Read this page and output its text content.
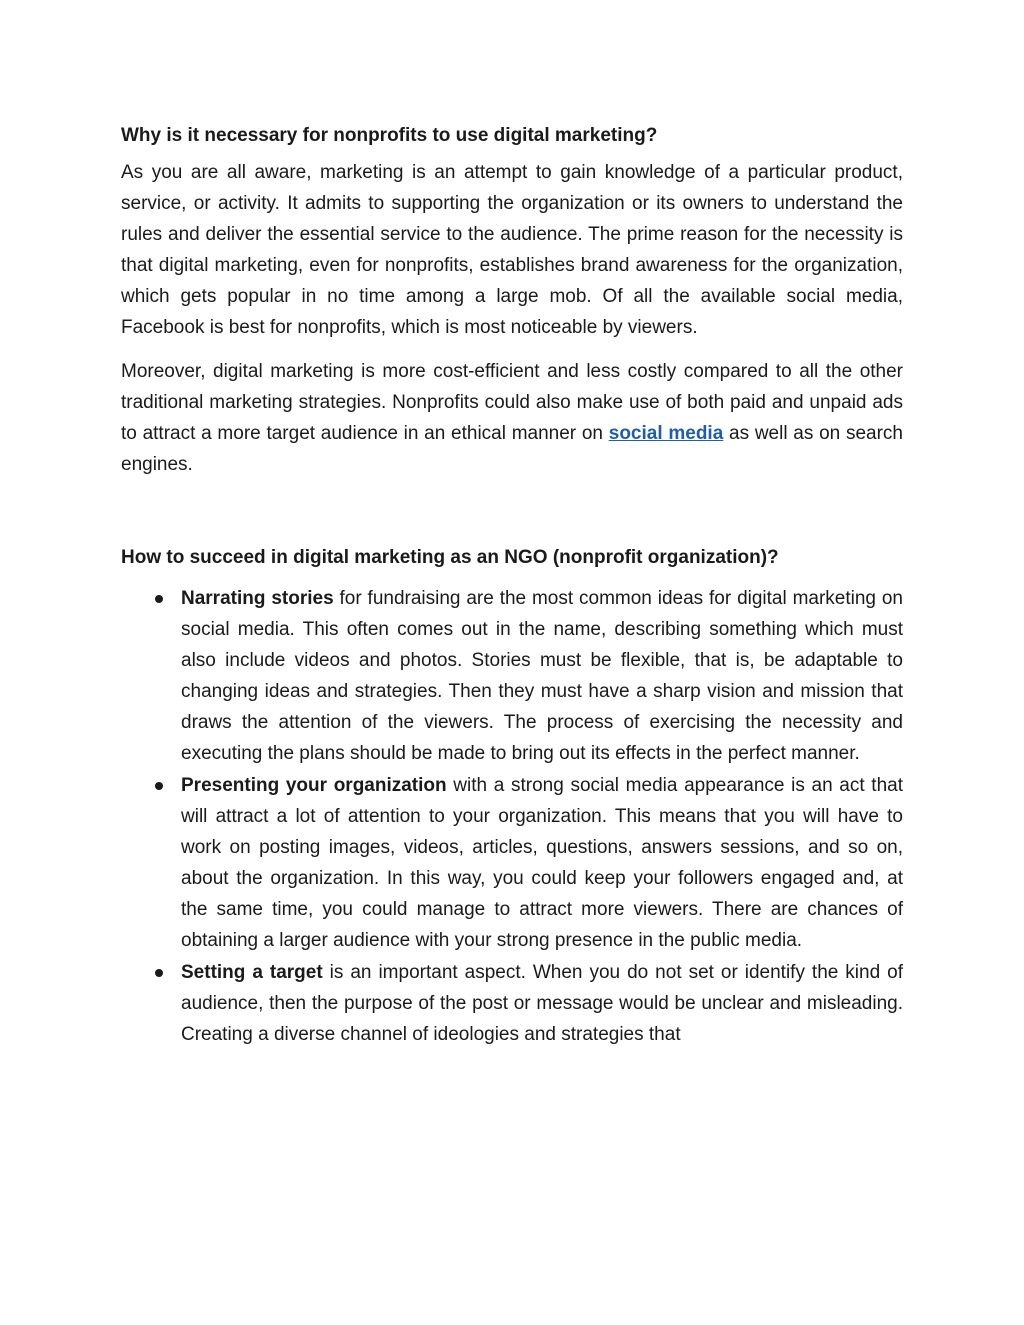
Why is it necessary for nonprofits to use digital marketing?

As you are all aware, marketing is an attempt to gain knowledge of a particular product, service, or activity. It admits to supporting the organization or its owners to understand the rules and deliver the essential service to the audience. The prime reason for the necessity is that digital marketing, even for nonprofits, establishes brand awareness for the organization, which gets popular in no time among a large mob. Of all the available social media, Facebook is best for nonprofits, which is most noticeable by viewers.

Moreover, digital marketing is more cost-efficient and less costly compared to all the other traditional marketing strategies. Nonprofits could also make use of both paid and unpaid ads to attract a more target audience in an ethical manner on social media as well as on search engines.

How to succeed in digital marketing as an NGO (nonprofit organization)?
Narrating stories for fundraising are the most common ideas for digital marketing on social media. This often comes out in the name, describing something which must also include videos and photos. Stories must be flexible, that is, be adaptable to changing ideas and strategies. Then they must have a sharp vision and mission that draws the attention of the viewers. The process of exercising the necessity and executing the plans should be made to bring out its effects in the perfect manner.
Presenting your organization with a strong social media appearance is an act that will attract a lot of attention to your organization. This means that you will have to work on posting images, videos, articles, questions, answers sessions, and so on, about the organization. In this way, you could keep your followers engaged and, at the same time, you could manage to attract more viewers. There are chances of obtaining a larger audience with your strong presence in the public media.
Setting a target is an important aspect. When you do not set or identify the kind of audience, then the purpose of the post or message would be unclear and misleading. Creating a diverse channel of ideologies and strategies that
